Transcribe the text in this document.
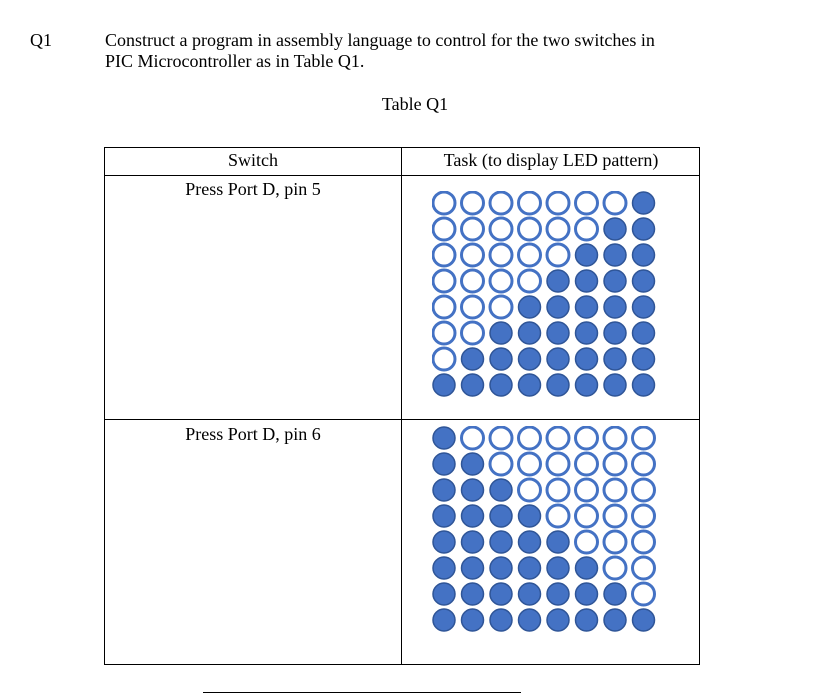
Q1	Construct a program in assembly language to control for the two switches in
PIC Microcontroller as in Table Q1.
Table Q1
Switch	Task (to display LED pattern)
Press Port D, pin 5
Press Port D, pin 6
